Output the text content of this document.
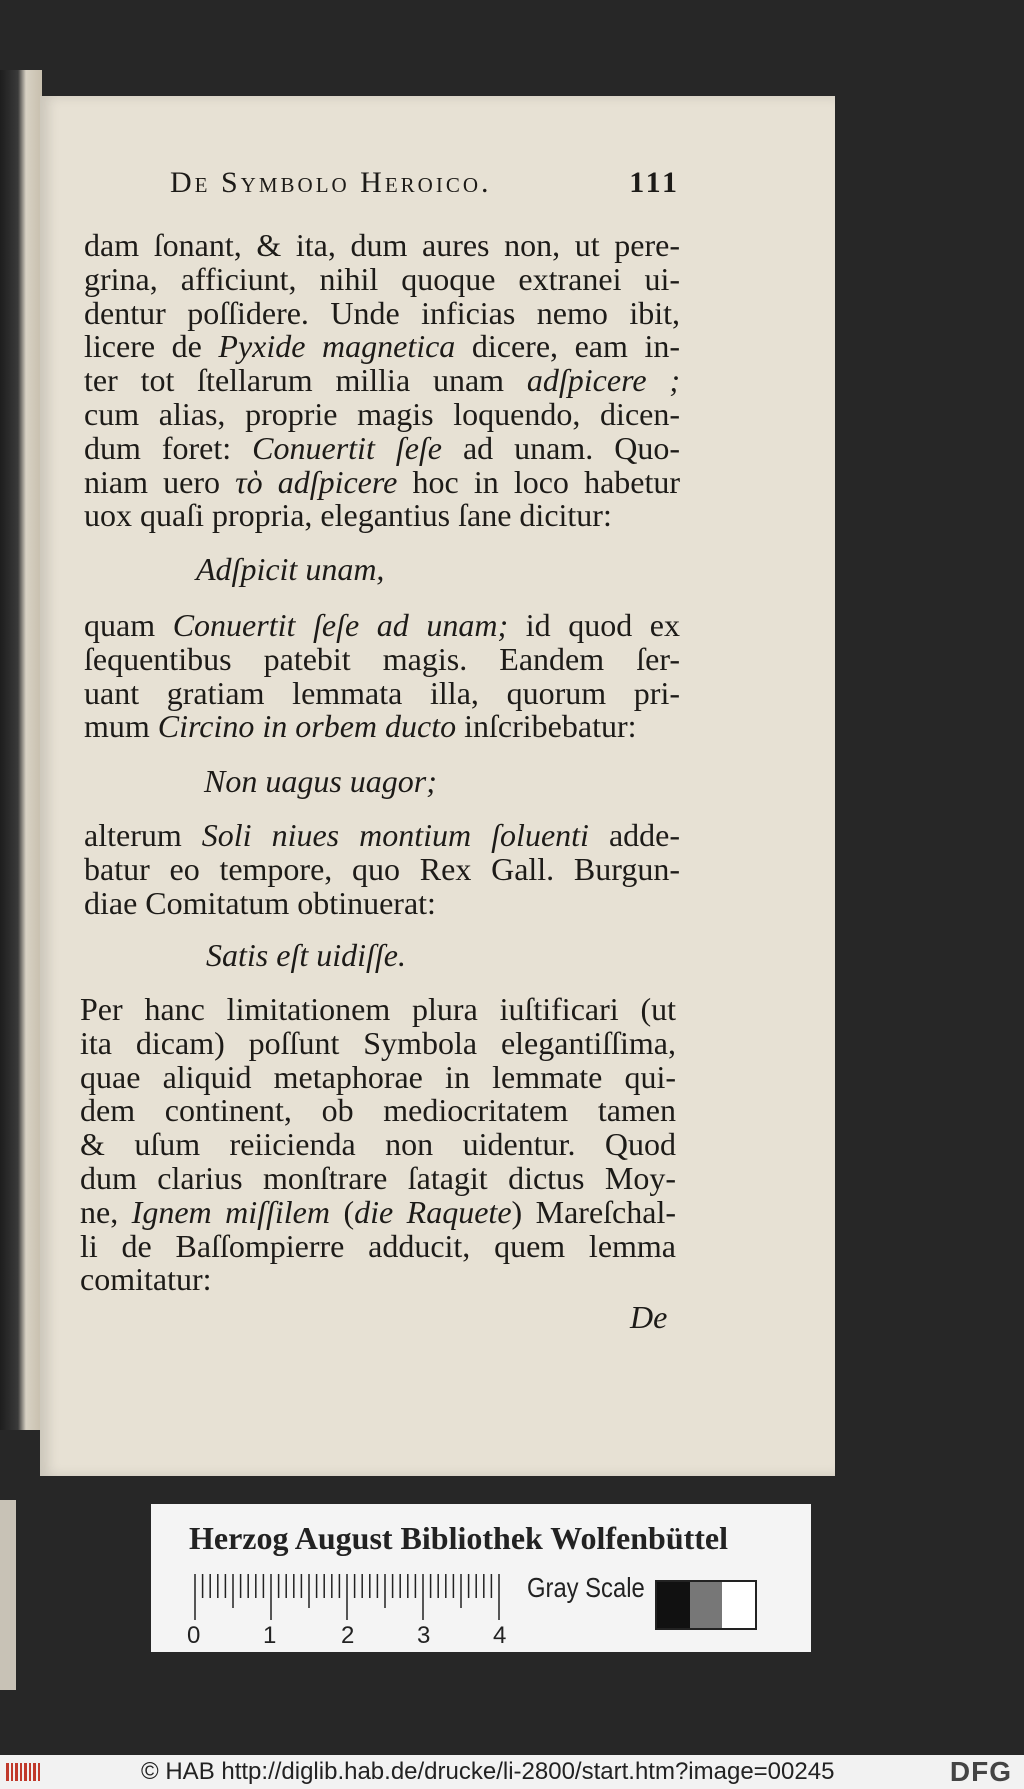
De Symbolo Heroico.	111
dam ſonant, & ita, dum aures non, ut pere-
grina, afficiunt, nihil quoque extranei ui-
dentur poſſidere. Unde inficias nemo ibit,
licere de Pyxide magnetica dicere, eam in-
ter tot ſtellarum millia unam adſpicere ;
cum alias, proprie magis loquendo, dicen-
dum foret: Conuertit ſeſe ad unam. Quo-
niam uero τὸ adſpicere hoc in loco habetur
uox quaſi propria, elegantius ſane dicitur:
quam Conuertit ſeſe ad unam; id quod ex
ſequentibus patebit magis. Eandem ſer-
uant gratiam lemmata illa, quorum pri-
mum Circino in orbem ducto inſcribebatur:
alterum Soli niues montium ſoluenti adde-
batur eo tempore, quo Rex Gall. Burgun-
diae Comitatum obtinuerat:
Per hanc limitationem plura iuſtificari (ut
ita dicam) poſſunt Symbola elegantiſſima,
quae aliquid metaphorae in lemmate qui-
dem continent, ob mediocritatem tamen
& uſum reiicienda non uidentur. Quod
dum clarius monſtrare ſatagit dictus Moy-
ne, Ignem miſſilem (die Raquete) Mareſchal-
li de Baſſompierre adducit, quem lemma
comitatur:
Adſpicit unam,
Non uagus uagor;
Satis eſt uidiſſe.
De
Herzog August Bibliothek Wolfenbüttel
0	1	2	3	4
Gray Scale
© HAB http://diglib.hab.de/drucke/li-2800/start.htm?image=00245	DFG
